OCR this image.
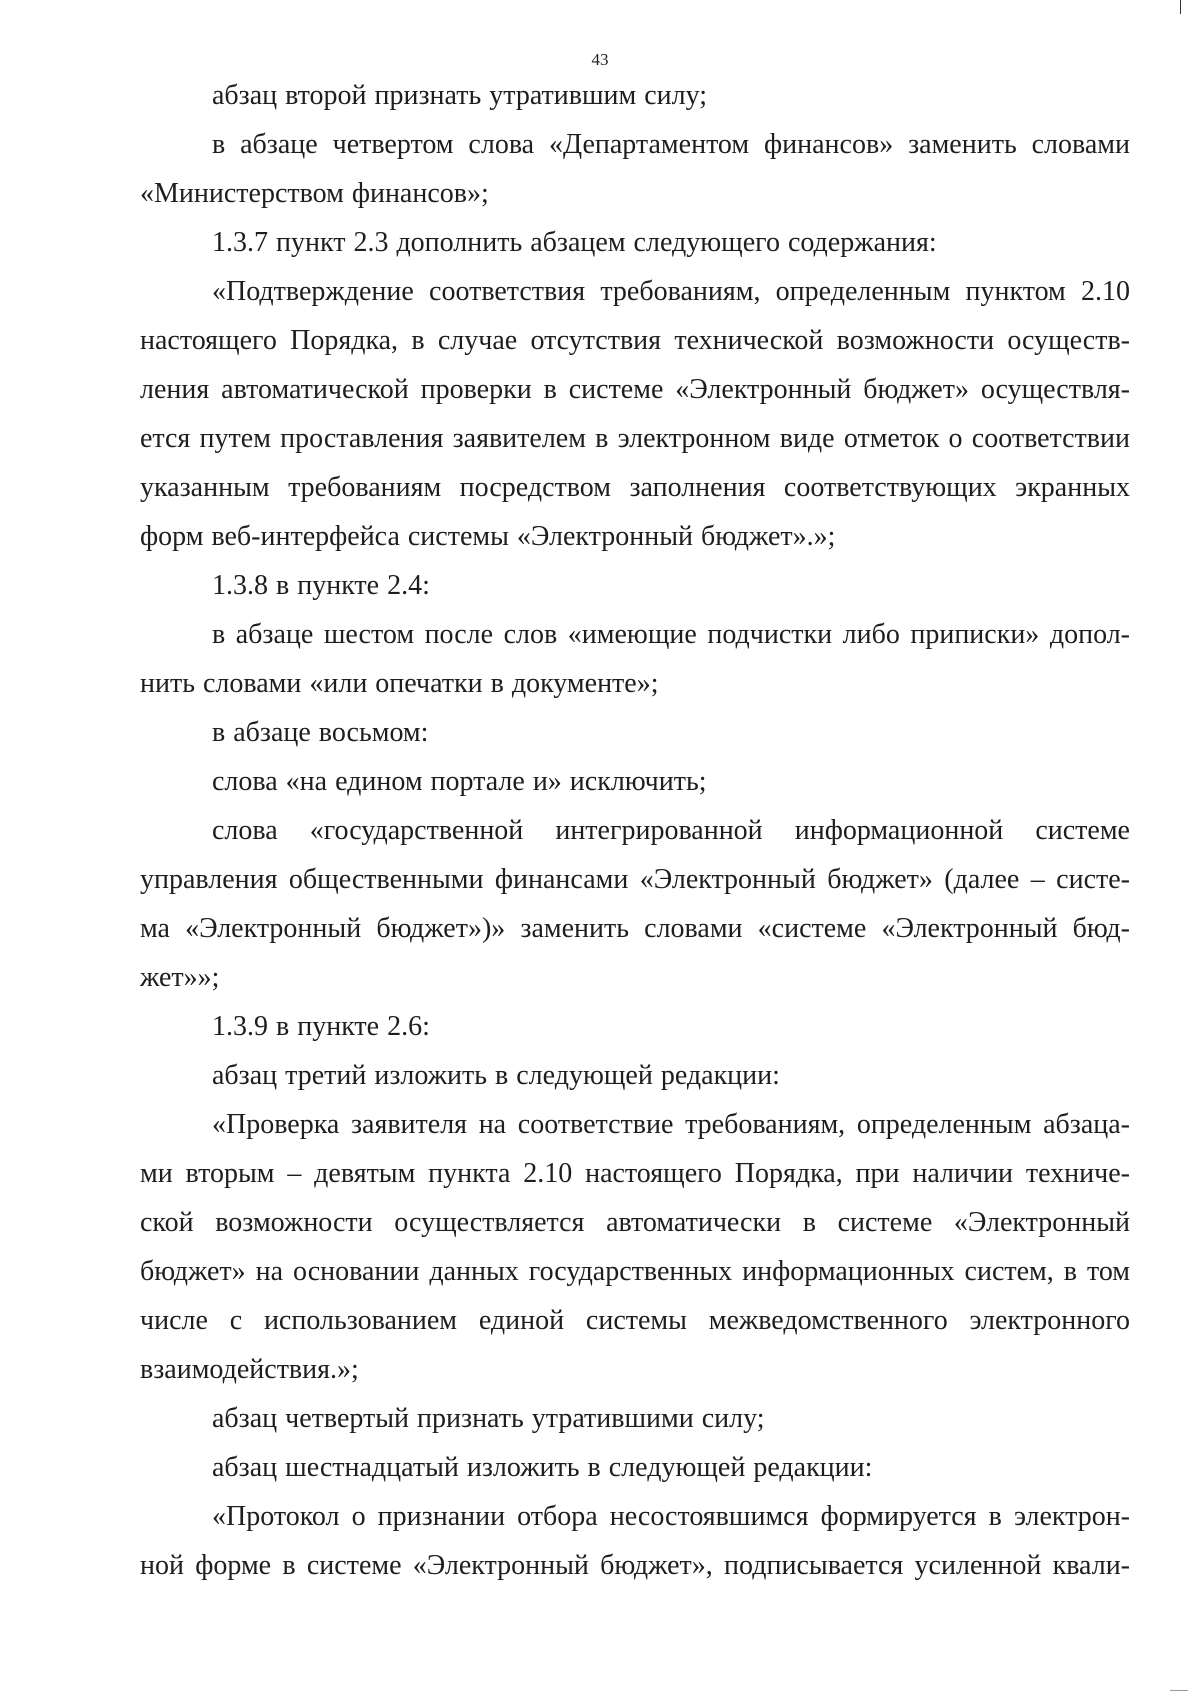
43
абзац второй признать утратившим силу;
в абзаце четвертом слова «Департаментом финансов» заменить словами
«Министерством финансов»;
1.3.7 пункт 2.3 дополнить абзацем следующего содержания:
«Подтверждение соответствия требованиям, определенным пунктом 2.10
настоящего Порядка, в случае отсутствия технической возможности осуществ-
ления автоматической проверки в системе «Электронный бюджет» осуществля-
ется путем проставления заявителем в электронном виде отметок о соответствии
указанным требованиям посредством заполнения соответствующих экранных
форм веб-интерфейса системы «Электронный бюджет».»;
1.3.8 в пункте 2.4:
в абзаце шестом после слов «имеющие подчистки либо приписки» допол-
нить словами «или опечатки в документе»;
в абзаце восьмом:
слова «на едином портале и» исключить;
слова «государственной интегрированной информационной системе
управления общественными финансами «Электронный бюджет» (далее – систе-
ма «Электронный бюджет»)» заменить словами «системе «Электронный бюд-
жет»»;
1.3.9 в пункте 2.6:
абзац третий изложить в следующей редакции:
«Проверка заявителя на соответствие требованиям, определенным абзаца-
ми вторым – девятым пункта 2.10 настоящего Порядка, при наличии техниче-
ской возможности осуществляется автоматически в системе «Электронный
бюджет» на основании данных государственных информационных систем, в том
числе с использованием единой системы межведомственного электронного
взаимодействия.»;
абзац четвертый признать утратившими силу;
абзац шестнадцатый изложить в следующей редакции:
«Протокол о признании отбора несостоявшимся формируется в электрон-
ной форме в системе «Электронный бюджет», подписывается усиленной квали-
